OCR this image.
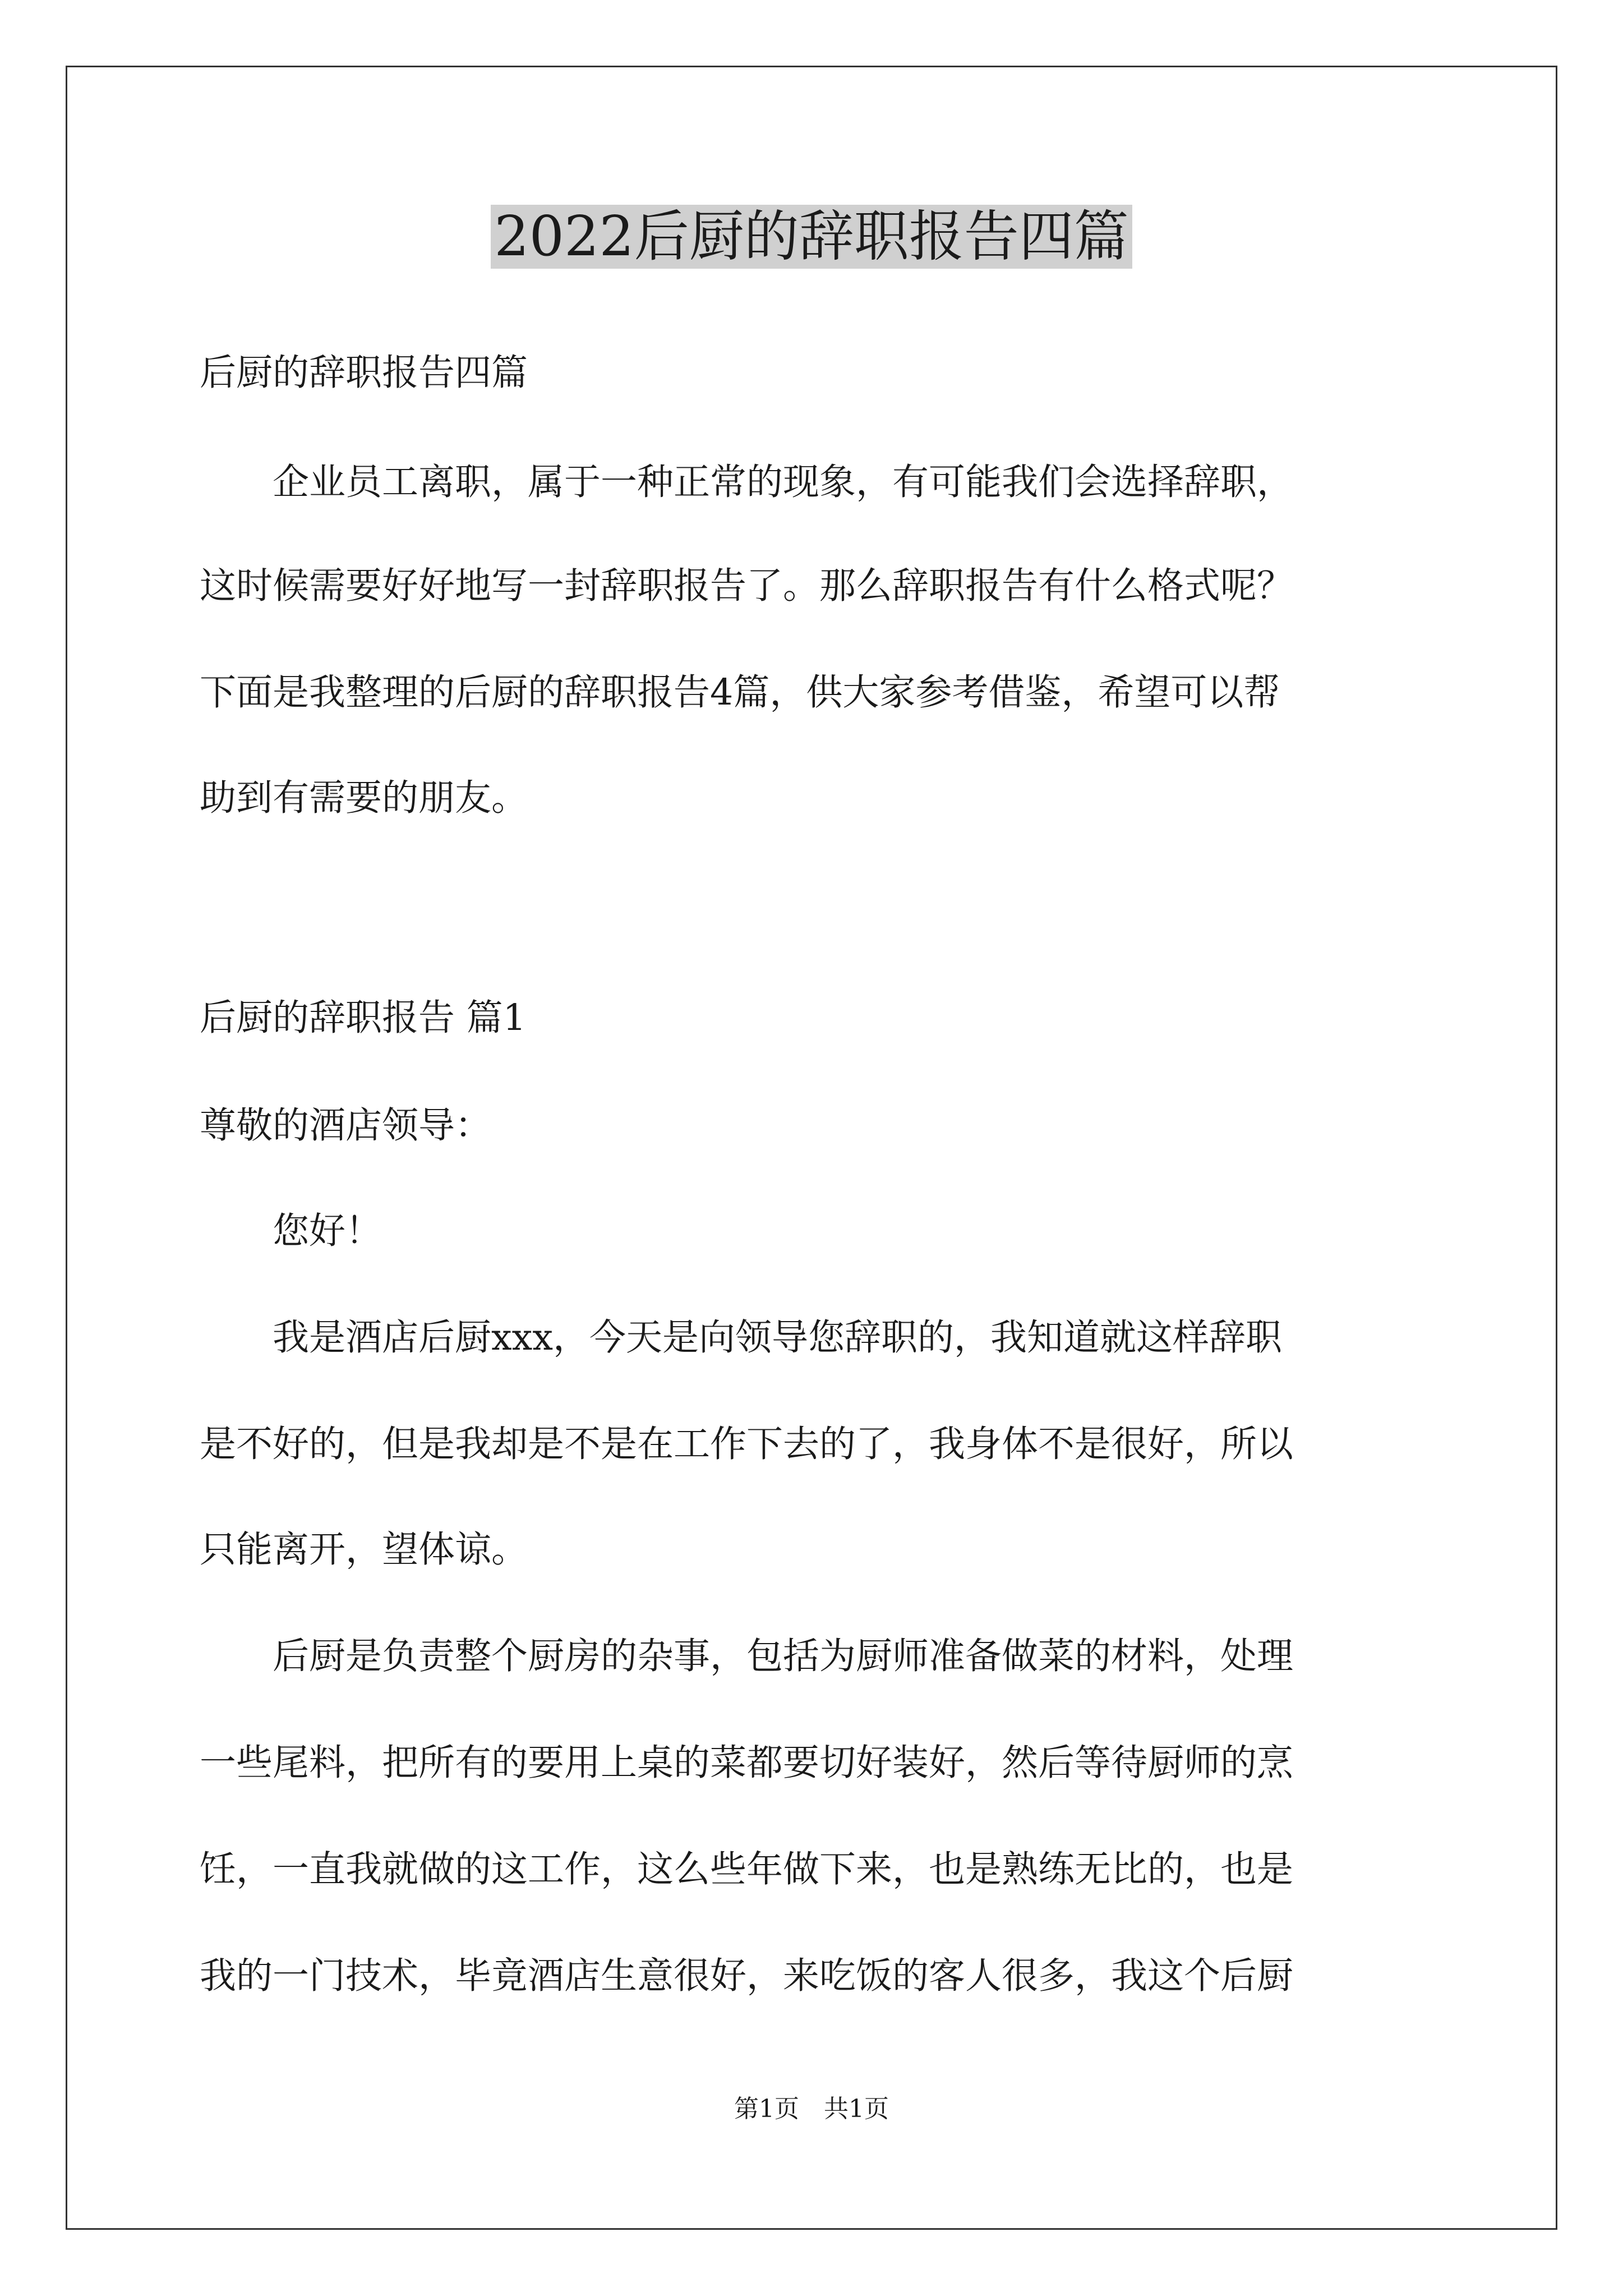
2022后厨的辞职报告四篇

后厨的辞职报告四篇

　　企业员工离职，属于一种正常的现象，有可能我们会选择辞职，

这时候需要好好地写一封辞职报告了。那么辞职报告有什么格式呢？

下面是我整理的后厨的辞职报告4篇，供大家参考借鉴，希望可以帮

助到有需要的朋友。

后厨的辞职报告 篇1

尊敬的酒店领导：

　　您好！

　　我是酒店后厨xxx，今天是向领导您辞职的，我知道就这样辞职

是不好的，但是我却是不是在工作下去的了，我身体不是很好，所以

只能离开，望体谅。

　　后厨是负责整个厨房的杂事，包括为厨师准备做菜的材料，处理

一些尾料，把所有的要用上桌的菜都要切好装好，然后等待厨师的烹

饪，一直我就做的这工作，这么些年做下来，也是熟练无比的，也是

我的一门技术，毕竟酒店生意很好，来吃饭的客人很多，我这个后厨

第1页　共1页
